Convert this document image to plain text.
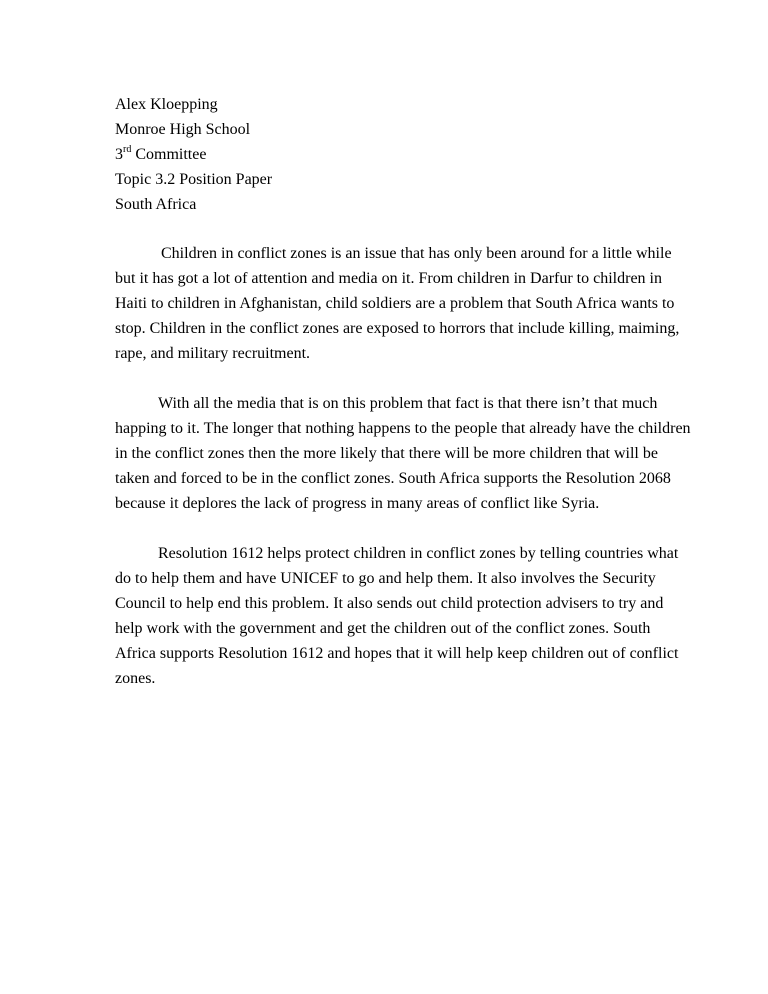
Alex Kloepping
Monroe High School
3rd Committee
Topic 3.2 Position Paper
South Africa
Children in conflict zones is an issue that has only been around for a little while
but it has got a lot of attention and media on it. From children in Darfur to children in
Haiti to children in Afghanistan, child soldiers are a problem that South Africa wants to
stop. Children in the conflict zones are exposed to horrors that include killing, maiming,
rape, and military recruitment.
With all the media that is on this problem that fact is that there isn’t that much
happing to it. The longer that nothing happens to the people that already have the children
in the conflict zones then the more likely that there will be more children that will be
taken and forced to be in the conflict zones. South Africa supports the Resolution 2068
because it deplores the lack of progress in many areas of conflict like Syria.
Resolution 1612 helps protect children in conflict zones by telling countries what
do to help them and have UNICEF to go and help them. It also involves the Security
Council to help end this problem. It also sends out child protection advisers to try and
help work with the government and get the children out of the conflict zones. South
Africa supports Resolution 1612 and hopes that it will help keep children out of conflict
zones.
